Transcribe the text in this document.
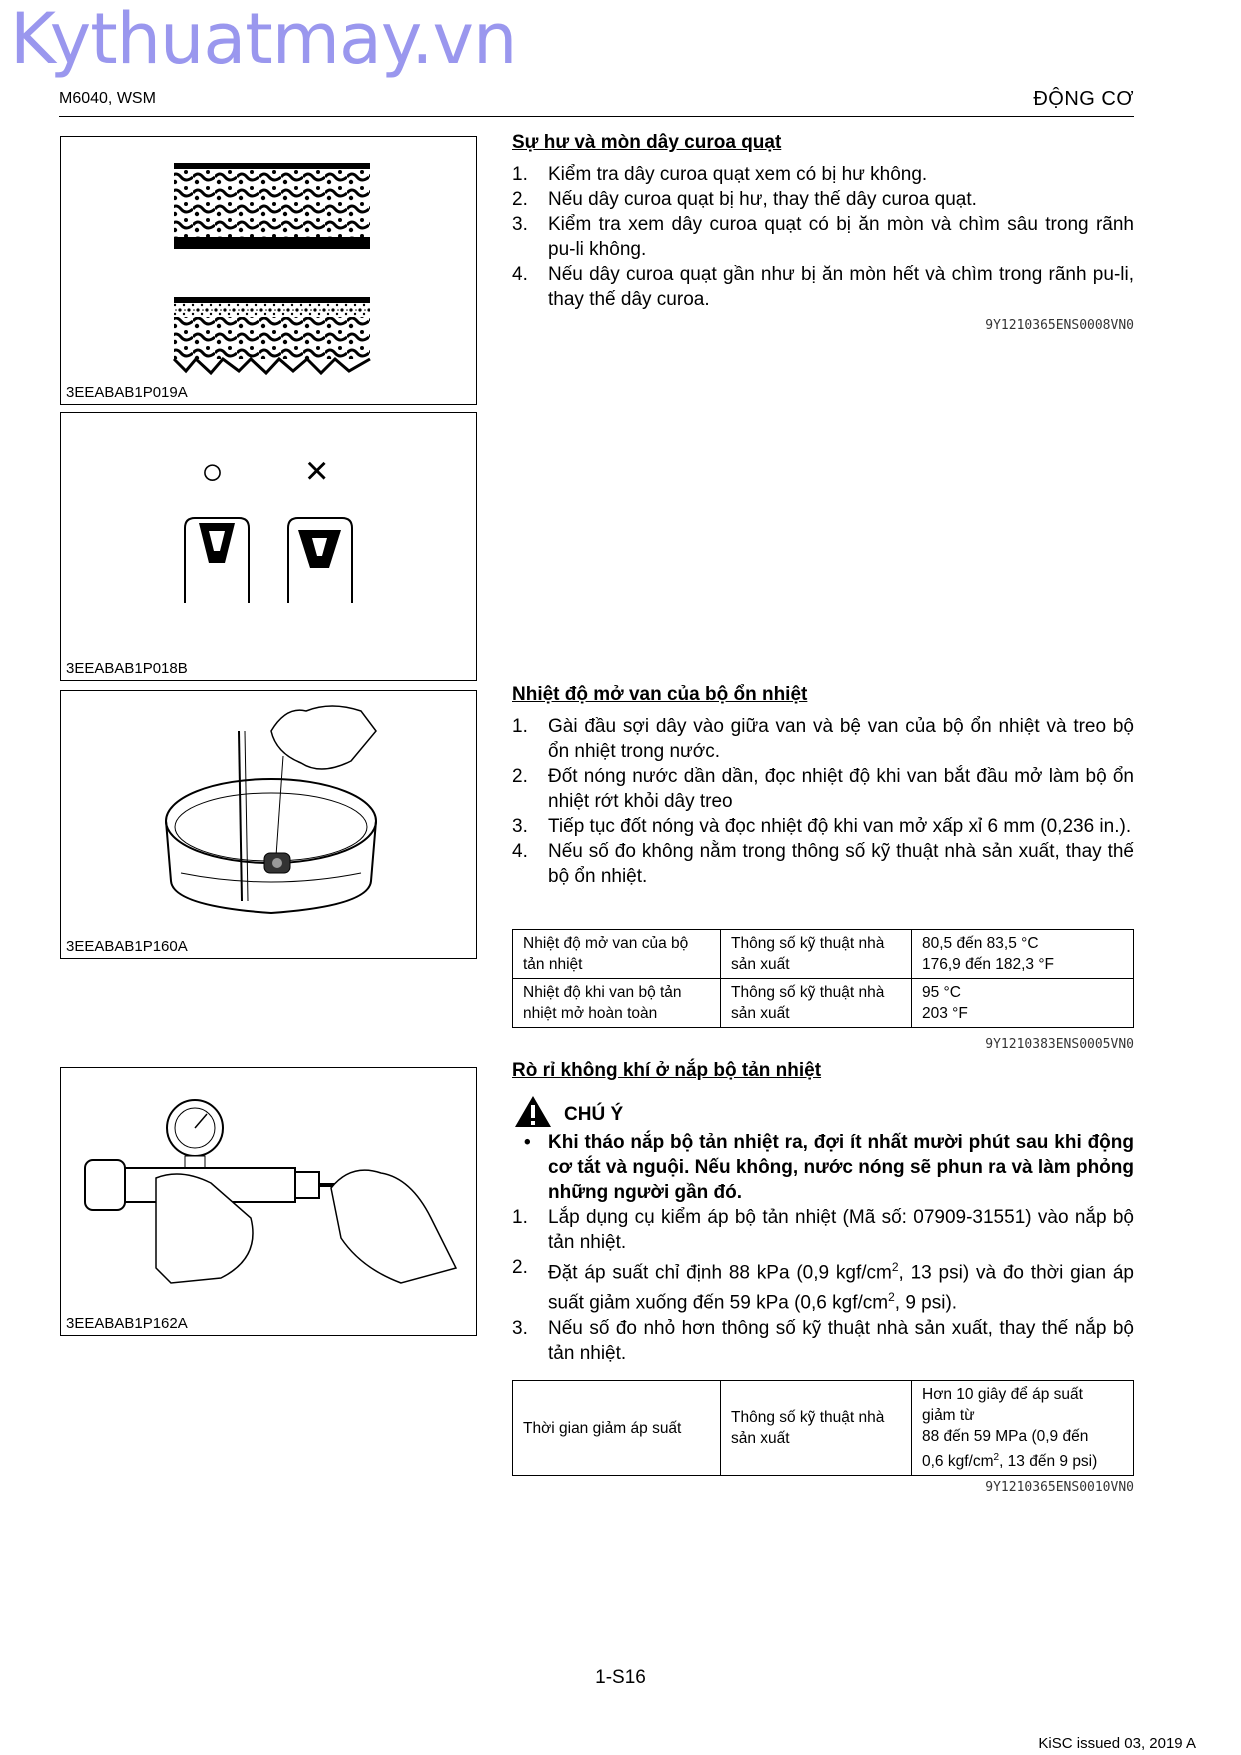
Kythuatmay.vn
M6040, WSM	ĐỘNG CƠ
3EEABAB1P019A
○ ×
3EEABAB1P018B
3EEABAB1P160A
3EEABAB1P162A
Sự hư và mòn dây curoa quạt
1. Kiểm tra dây curoa quạt xem có bị hư không.
2. Nếu dây curoa quạt bị hư, thay thế dây curoa quạt.
3. Kiểm tra xem dây curoa quạt có bị ăn mòn và chìm sâu trong rãnh pu-li không.
4. Nếu dây curoa quạt gần như bị ăn mòn hết và chìm trong rãnh pu-li, thay thế dây curoa.
9Y1210365ENS0008VN0
Nhiệt độ mở van của bộ ổn nhiệt
1. Gài đầu sợi dây vào giữa van và bệ van của bộ ổn nhiệt và treo bộ ổn nhiệt trong nước.
2. Đốt nóng nước dần dần, đọc nhiệt độ khi van bắt đầu mở làm bộ ổn nhiệt rớt khỏi dây treo
3. Tiếp tục đốt nóng và đọc nhiệt độ khi van mở xấp xỉ 6 mm (0,236 in.).
4. Nếu số đo không nằm trong thông số kỹ thuật nhà sản xuất, thay thế bộ ổn nhiệt.
Nhiệt độ mở van của bộ tản nhiệt	Thông số kỹ thuật nhà sản xuất	80,5 đến 83,5 °C
176,9 đến 182,3 °F

Nhiệt độ khi van bộ tản nhiệt mở hoàn toàn	Thông số kỹ thuật nhà sản xuất	95 °C
203 °F
9Y1210383ENS0005VN0
Rò rỉ không khí ở nắp bộ tản nhiệt
CHÚ Ý
• Khi tháo nắp bộ tản nhiệt ra, đợi ít nhất mười phút sau khi động cơ tắt và nguội. Nếu không, nước nóng sẽ phun ra và làm phỏng những người gần đó.
1. Lắp dụng cụ kiểm áp bộ tản nhiệt (Mã số: 07909-31551) vào nắp bộ tản nhiệt.
2. Đặt áp suất chỉ định 88 kPa (0,9 kgf/$cm^2$, 13 psi) và đo thời gian áp suất giảm xuống đến 59 kPa (0,6 kgf/$cm^2$, 9 psi).
3. Nếu số đo nhỏ hơn thông số kỹ thuật nhà sản xuất, thay thế nắp bộ tản nhiệt.
Thời gian giảm áp suất	Thông số kỹ thuật nhà sản xuất	
Hơn 10 giây để áp suất
giảm từ
88 đến 59 MPa (0,9 đến
0,6 kgf/$cm^2$, 13 đến 9 psi)
9Y1210365ENS0010VN0
1-S16
KiSC issued 03, 2019 A
